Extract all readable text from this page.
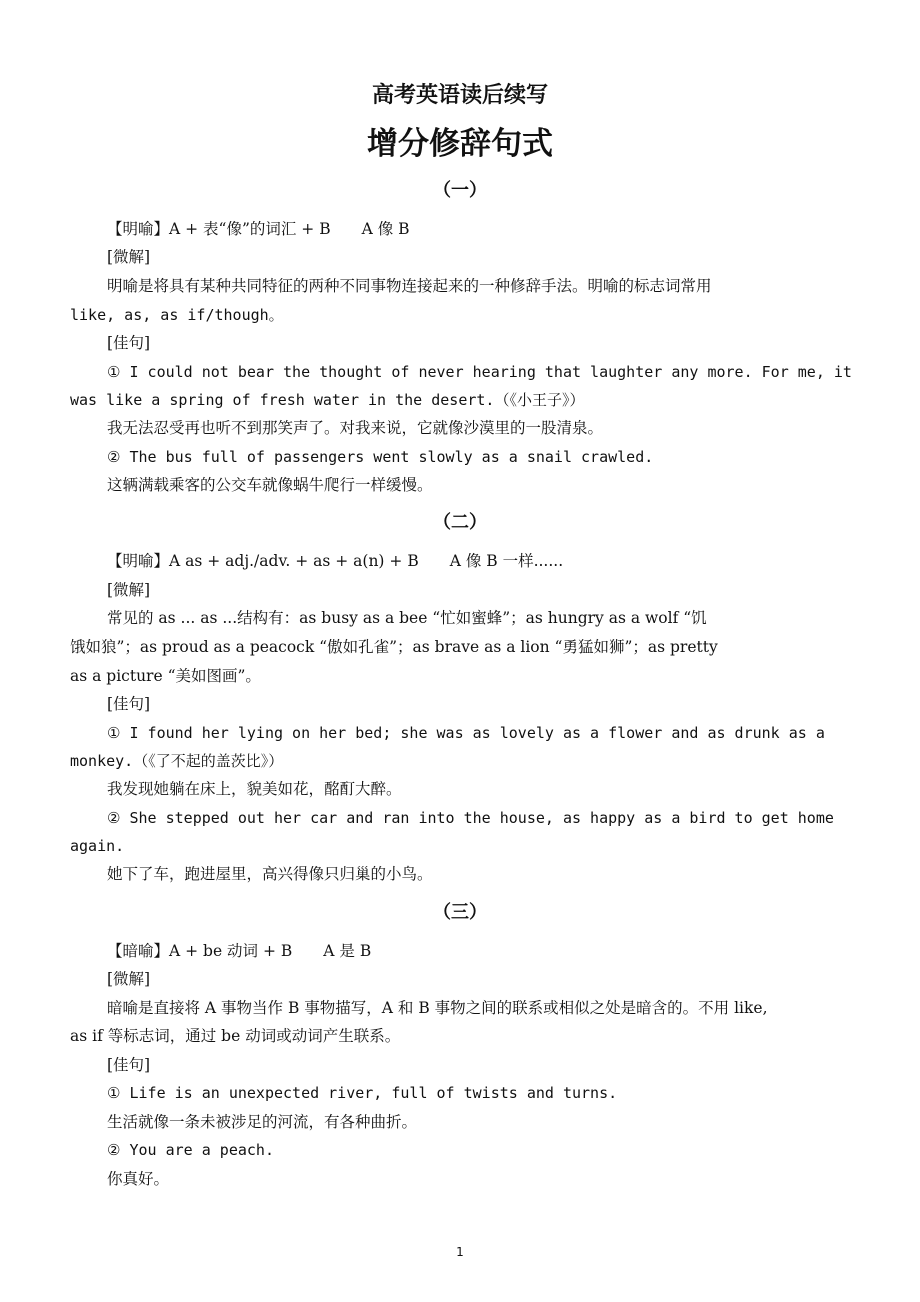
高考英语读后续写
增分修辞句式
（一）
【明喻】A + 表“像”的词汇 + B　　A 像 B
[微解]
明喻是将具有某种共同特征的两种不同事物连接起来的一种修辞手法。明喻的标志词常用
like, as, as if/though。
[佳句]
① I could not bear the thought of never hearing that laughter any more. For me, it
was like a spring of fresh water in the desert.（《小王子》）
我无法忍受再也听不到那笑声了。对我来说，它就像沙漠里的一股清泉。
② The bus full of passengers went slowly as a snail crawled.
这辆满载乘客的公交车就像蜗牛爬行一样缓慢。
（二）
【明喻】A as + adj./adv. + as + a(n) + B　　A 像 B 一样......
[微解]
常见的 as ... as ...结构有：as busy as a bee “忙如蜜蜂”；as hungry as a wolf “饥
饿如狼”；as proud as a peacock “傲如孔雀”；as brave as a lion “勇猛如狮”；as pretty
as a picture “美如图画”。
[佳句]
① I found her lying on her bed; she was as lovely as a flower and as drunk as a
monkey.（《了不起的盖茨比》）
我发现她躺在床上，貌美如花，酩酊大醉。
② She stepped out her car and ran into the house, as happy as a bird to get home
again.
她下了车，跑进屋里，高兴得像只归巢的小鸟。
（三）
【暗喻】A + be 动词 + B　　A 是 B
[微解]
暗喻是直接将 A 事物当作 B 事物描写，A 和 B 事物之间的联系或相似之处是暗含的。不用 like,
as if 等标志词，通过 be 动词或动词产生联系。
[佳句]
① Life is an unexpected river, full of twists and turns.
生活就像一条未被涉足的河流，有各种曲折。
② You are a peach.
你真好。
1
